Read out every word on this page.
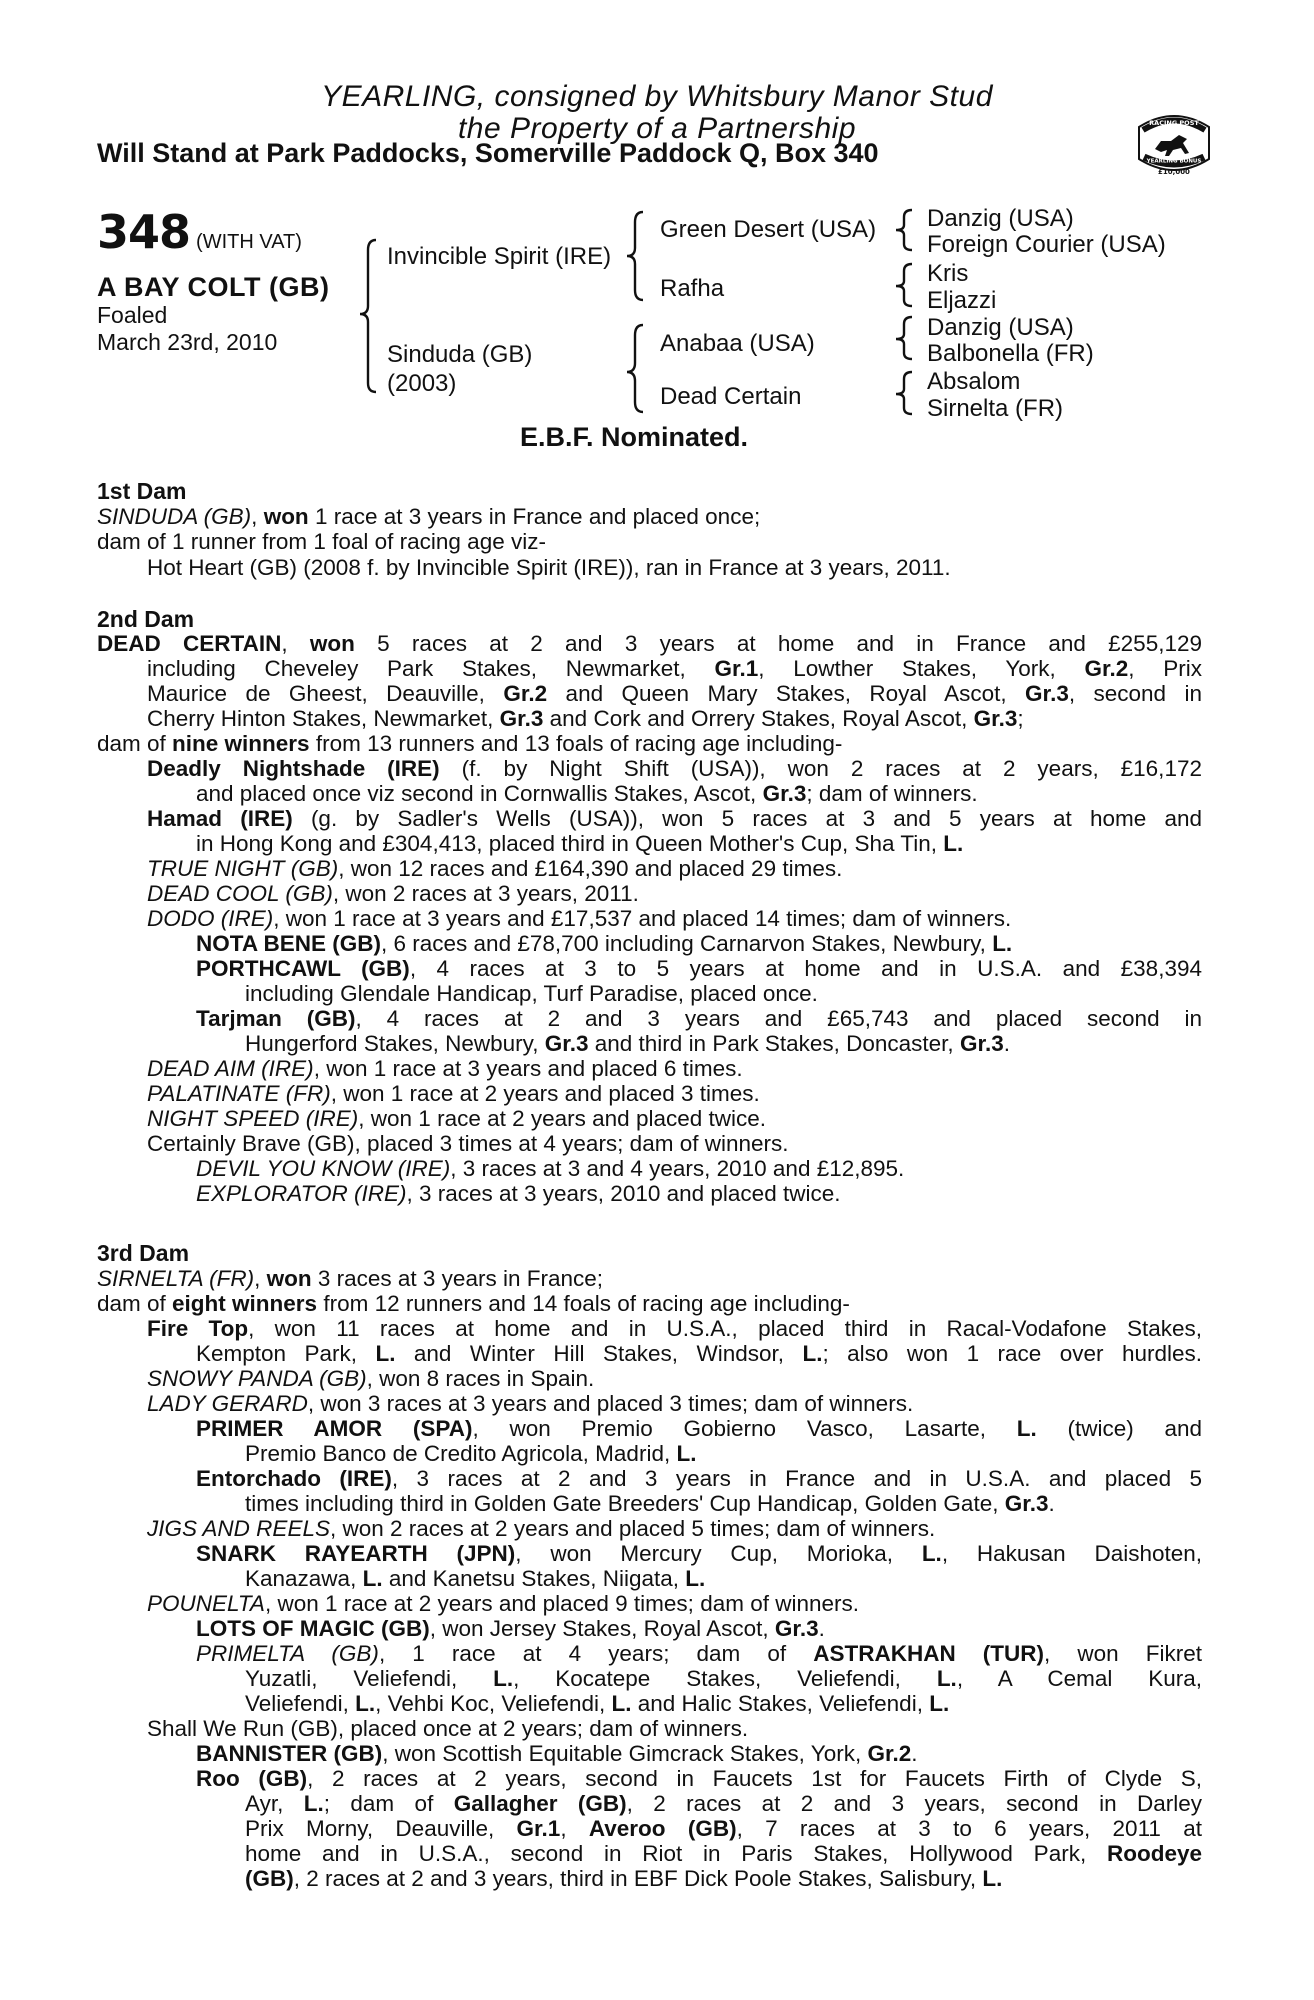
YEARLING, consigned by Whitsbury Manor Stud
the Property of a Partnership
Will Stand at Park Paddocks, Somerville Paddock Q, Box 340
RACING POST
YEARLING BONUS
£10,000
348 (WITH VAT)
A BAY COLT (GB)
Foaled
March 23rd, 2010
Invincible Spirit (IRE)
Sinduda (GB)
(2003)
Green Desert (USA)
Rafha
Anabaa (USA)
Dead Certain
Danzig (USA)
Foreign Courier (USA)
Kris
Eljazzi
Danzig (USA)
Balbonella (FR)
Absalom
Sirnelta (FR)
E.B.F. Nominated.
1st Dam
SINDUDA (GB), won 1 race at 3 years in France and placed once;
dam of 1 runner from 1 foal of racing age viz-
Hot Heart (GB) (2008 f. by Invincible Spirit (IRE)), ran in France at 3 years, 2011.
2nd Dam
DEAD CERTAIN, won 5 races at 2 and 3 years at home and in France and £255,129
including Cheveley Park Stakes, Newmarket, Gr.1, Lowther Stakes, York, Gr.2, Prix
Maurice de Gheest, Deauville, Gr.2 and Queen Mary Stakes, Royal Ascot, Gr.3, second in
Cherry Hinton Stakes, Newmarket, Gr.3 and Cork and Orrery Stakes, Royal Ascot, Gr.3;
dam of nine winners from 13 runners and 13 foals of racing age including-
Deadly Nightshade (IRE) (f. by Night Shift (USA)), won 2 races at 2 years, £16,172
and placed once viz second in Cornwallis Stakes, Ascot, Gr.3; dam of winners.
Hamad (IRE) (g. by Sadler's Wells (USA)), won 5 races at 3 and 5 years at home and
in Hong Kong and £304,413, placed third in Queen Mother's Cup, Sha Tin, L.
TRUE NIGHT (GB), won 12 races and £164,390 and placed 29 times.
DEAD COOL (GB), won 2 races at 3 years, 2011.
DODO (IRE), won 1 race at 3 years and £17,537 and placed 14 times; dam of winners.
NOTA BENE (GB), 6 races and £78,700 including Carnarvon Stakes, Newbury, L.
PORTHCAWL (GB), 4 races at 3 to 5 years at home and in U.S.A. and £38,394
including Glendale Handicap, Turf Paradise, placed once.
Tarjman (GB), 4 races at 2 and 3 years and £65,743 and placed second in
Hungerford Stakes, Newbury, Gr.3 and third in Park Stakes, Doncaster, Gr.3.
DEAD AIM (IRE), won 1 race at 3 years and placed 6 times.
PALATINATE (FR), won 1 race at 2 years and placed 3 times.
NIGHT SPEED (IRE), won 1 race at 2 years and placed twice.
Certainly Brave (GB), placed 3 times at 4 years; dam of winners.
DEVIL YOU KNOW (IRE), 3 races at 3 and 4 years, 2010 and £12,895.
EXPLORATOR (IRE), 3 races at 3 years, 2010 and placed twice.
3rd Dam
SIRNELTA (FR), won 3 races at 3 years in France;
dam of eight winners from 12 runners and 14 foals of racing age including-
Fire Top, won 11 races at home and in U.S.A., placed third in Racal-Vodafone Stakes,
Kempton Park, L. and Winter Hill Stakes, Windsor, L.; also won 1 race over hurdles.
SNOWY PANDA (GB), won 8 races in Spain.
LADY GERARD, won 3 races at 3 years and placed 3 times; dam of winners.
PRIMER AMOR (SPA), won Premio Gobierno Vasco, Lasarte, L. (twice) and
Premio Banco de Credito Agricola, Madrid, L.
Entorchado (IRE), 3 races at 2 and 3 years in France and in U.S.A. and placed 5
times including third in Golden Gate Breeders' Cup Handicap, Golden Gate, Gr.3.
JIGS AND REELS, won 2 races at 2 years and placed 5 times; dam of winners.
SNARK RAYEARTH (JPN), won Mercury Cup, Morioka, L., Hakusan Daishoten,
Kanazawa, L. and Kanetsu Stakes, Niigata, L.
POUNELTA, won 1 race at 2 years and placed 9 times; dam of winners.
LOTS OF MAGIC (GB), won Jersey Stakes, Royal Ascot, Gr.3.
PRIMELTA (GB), 1 race at 4 years; dam of ASTRAKHAN (TUR), won Fikret
Yuzatli, Veliefendi, L., Kocatepe Stakes, Veliefendi, L., A Cemal Kura,
Veliefendi, L., Vehbi Koc, Veliefendi, L. and Halic Stakes, Veliefendi, L.
Shall We Run (GB), placed once at 2 years; dam of winners.
BANNISTER (GB), won Scottish Equitable Gimcrack Stakes, York, Gr.2.
Roo (GB), 2 races at 2 years, second in Faucets 1st for Faucets Firth of Clyde S,
Ayr, L.; dam of Gallagher (GB), 2 races at 2 and 3 years, second in Darley
Prix Morny, Deauville, Gr.1, Averoo (GB), 7 races at 3 to 6 years, 2011 at
home and in U.S.A., second in Riot in Paris Stakes, Hollywood Park, Roodeye
(GB), 2 races at 2 and 3 years, third in EBF Dick Poole Stakes, Salisbury, L.
